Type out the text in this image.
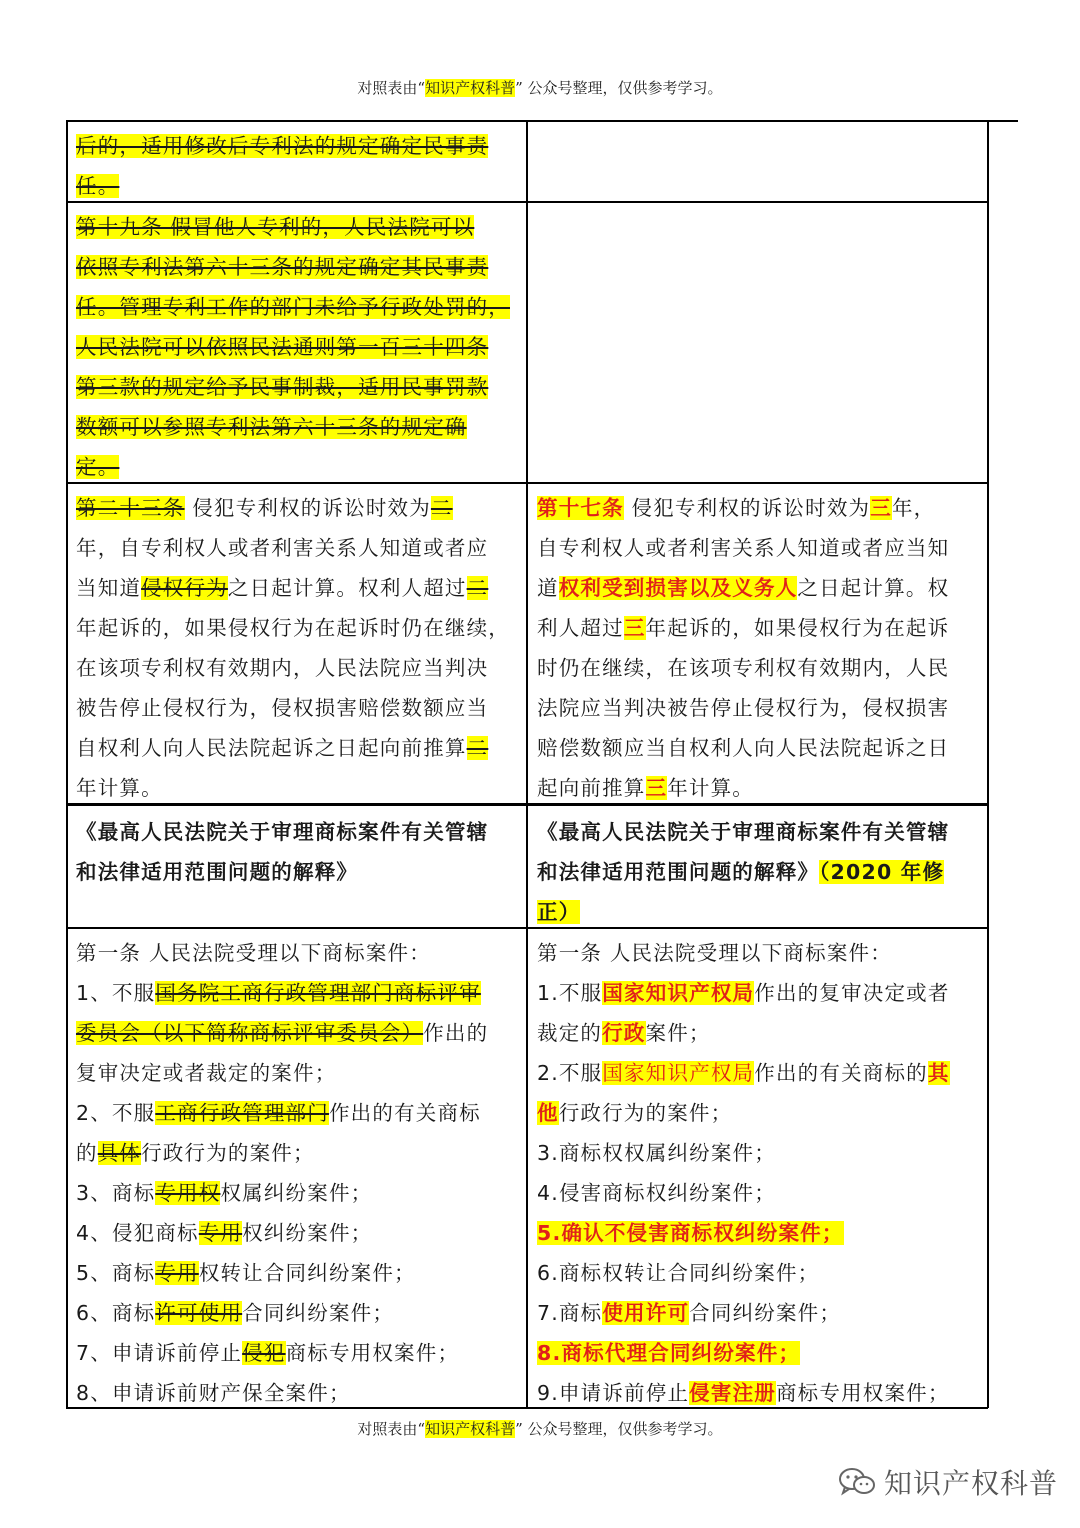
对照表由“知识产权科普” 公众号整理，仅供参考学习。
对照表由“知识产权科普” 公众号整理，仅供参考学习。
后的，适用修改后专利法的规定确定民事责
任。
第十九条 假冒他人专利的，人民法院可以
依照专利法第六十三条的规定确定其民事责
任。管理专利工作的部门未给予行政处罚的，
人民法院可以依照民法通则第一百三十四条
第三款的规定给予民事制裁，适用民事罚款
数额可以参照专利法第六十三条的规定确
定。
第二十三条 侵犯专利权的诉讼时效为二
年，自专利权人或者利害关系人知道或者应
当知道侵权行为之日起计算。权利人超过二
年起诉的，如果侵权行为在起诉时仍在继续，
在该项专利权有效期内，人民法院应当判决
被告停止侵权行为，侵权损害赔偿数额应当
自权利人向人民法院起诉之日起向前推算二
年计算。
第十七条 侵犯专利权的诉讼时效为三年，
自专利权人或者利害关系人知道或者应当知
道权利受到损害以及义务人之日起计算。权
利人超过三年起诉的，如果侵权行为在起诉
时仍在继续，在该项专利权有效期内，人民
法院应当判决被告停止侵权行为，侵权损害
赔偿数额应当自权利人向人民法院起诉之日
起向前推算三年计算。
《最高人民法院关于审理商标案件有关管辖
和法律适用范围问题的解释》
《最高人民法院关于审理商标案件有关管辖
和法律适用范围问题的解释》（2020 年修
正）
第一条 人民法院受理以下商标案件：
1、不服国务院工商行政管理部门商标评审
委员会（以下简称商标评审委员会）作出的
复审决定或者裁定的案件；
2、不服工商行政管理部门作出的有关商标
的具体行政行为的案件；
3、商标专用权权属纠纷案件；
4、侵犯商标专用权纠纷案件；
5、商标专用权转让合同纠纷案件；
6、商标许可使用合同纠纷案件；
7、申请诉前停止侵犯商标专用权案件；
8、申请诉前财产保全案件；
第一条 人民法院受理以下商标案件：
1.不服国家知识产权局作出的复审决定或者
裁定的行政案件；
2.不服国家知识产权局作出的有关商标的其
他行政行为的案件；
3.商标权权属纠纷案件；
4.侵害商标权纠纷案件；
5.确认不侵害商标权纠纷案件；
6.商标权转让合同纠纷案件；
7.商标使用许可合同纠纷案件；
8.商标代理合同纠纷案件；
9.申请诉前停止侵害注册商标专用权案件；
知识产权科普
